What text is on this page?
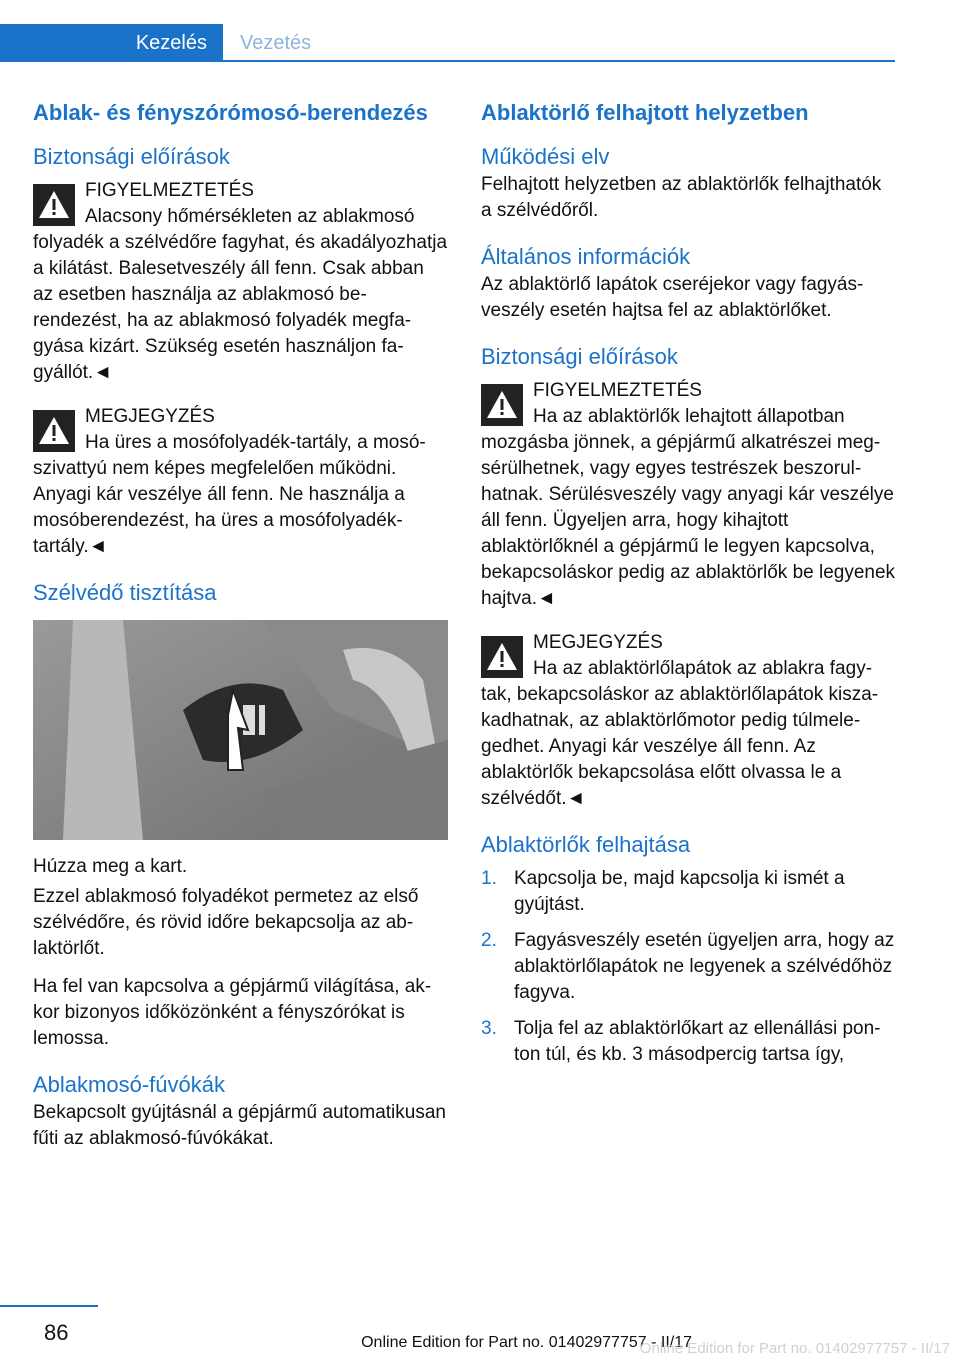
Kezelés	Vezetés
Ablak- és fényszórómosó-berendezés
Biztonsági előírások
FIGYELMEZTETÉS
Alacsony hőmérsékleten az ablakmosó folyadék a szélvédőre fagyhat, és akadályozhatja a kilátást. Balesetveszély áll fenn. Csak abban az esetben használja az ablakmosó berendezést, ha az ablakmosó folyadék megfagyása kizárt. Szükség esetén használjon fagyállót.◄
MEGJEGYZÉS
Ha üres a mosófolyadék-tartály, a mosószivattyú nem képes megfelelően működni. Anyagi kár veszélye áll fenn. Ne használja a mosóberendezést, ha üres a mosófolyadéktartály.◄
Szélvédő tisztítása

Húzza meg a kart.

Ezzel ablakmosó folyadékot permetez az első szélvédőre, és rövid időre bekapcsolja az ablaktörlőt.

Ha fel van kapcsolva a gépjármű világítása, akkor bizonyos időközönként a fényszórókat is lemossa.

Ablakmosó-fúvókák

Bekapcsolt gyújtásnál a gépjármű automatikusan fűti az ablakmosó-fúvókákat.

Ablaktörlő felhajtott helyzetben
Működési elv

Felhajtott helyzetben az ablaktörlők felhajthatók a szélvédőről.

Általános információk

Az ablaktörlő lapátok cseréjekor vagy fagyásveszély esetén hajtsa fel az ablaktörlőket.

Biztonsági előírások
FIGYELMEZTETÉS
Ha az ablaktörlők lehajtott állapotban mozgásba jönnek, a gépjármű alkatrészei megsérülhetnek, vagy egyes testrészek beszorulhatnak. Sérülésveszély vagy anyagi kár veszélye áll fenn. Ügyeljen arra, hogy kihajtott ablaktörlőknél a gépjármű le legyen kapcsolva, bekapcsoláskor pedig az ablaktörlők be legyenek hajtva.◄
MEGJEGYZÉS
Ha az ablaktörlőlapátok az ablakra fagytak, bekapcsoláskor az ablaktörlőlapátok kiszakadhatnak, az ablaktörlőmotor pedig túlmelegedhet. Anyagi kár veszélye áll fenn. Az ablaktörlők bekapcsolása előtt olvassa le a szélvédőt.◄
Ablaktörlők felhajtása
1. Kapcsolja be, majd kapcsolja ki ismét a gyújtást.
2. Fagyásveszély esetén ügyeljen arra, hogy az ablaktörlőlapátok ne legyenek a szélvédőhöz fagyva.
3. Tolja fel az ablaktörlőkart az ellenállási ponton túl, és kb. 3 másodpercig tartsa így,
86	Online Edition for Part no. 01402977757 - II/17
Online Edition for Part no. 01402977757 - II/17
